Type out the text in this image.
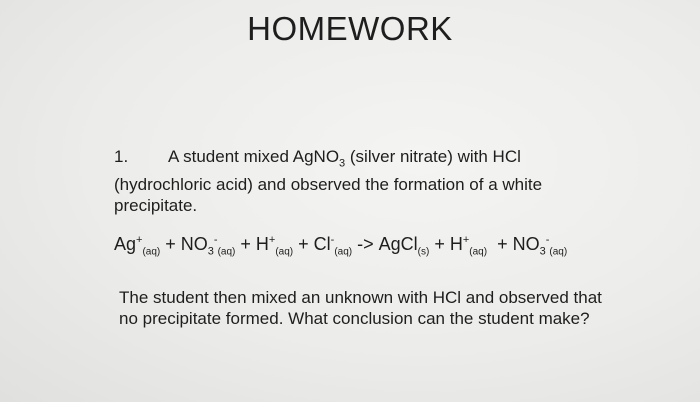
HOMEWORK
1. A student mixed AgNO$_3$ (silver nitrate) with HCl
(hydrochloric acid) and observed the formation of a white
precipitate.
$Ag^+_{(aq)} + NO_3^-_{(aq)} + H^+_{(aq)} + Cl^-_{(aq)}$ -> AgCl$_{(s)}$ + $H^+_{(aq)} + NO_3^-_{(aq)}$
The student then mixed an unknown with HCl and observed that
no precipitate formed. What conclusion can the student make?
